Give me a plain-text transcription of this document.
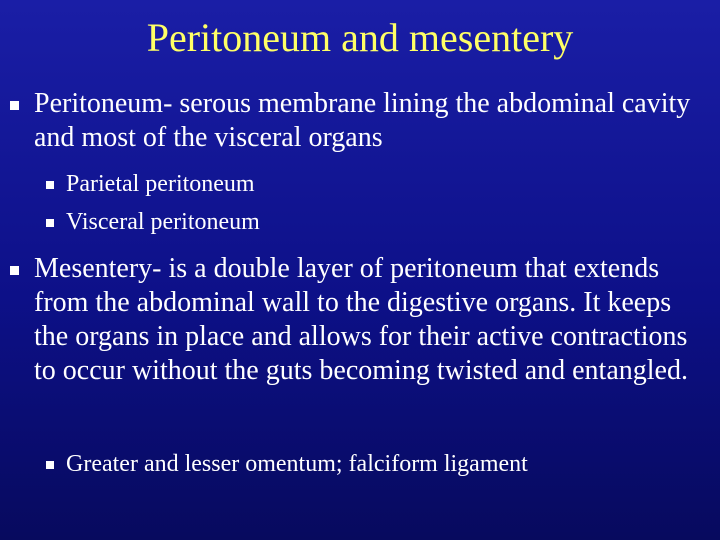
Peritoneum and mesentery
Peritoneum- serous membrane lining the abdominal cavity and most of the visceral organs
Parietal peritoneum
Visceral peritoneum
Mesentery- is a double layer of peritoneum that extends from the abdominal wall to the digestive organs. It keeps the organs in place and allows for their active contractions to occur without the guts becoming twisted and entangled.
Greater and lesser omentum; falciform ligament
